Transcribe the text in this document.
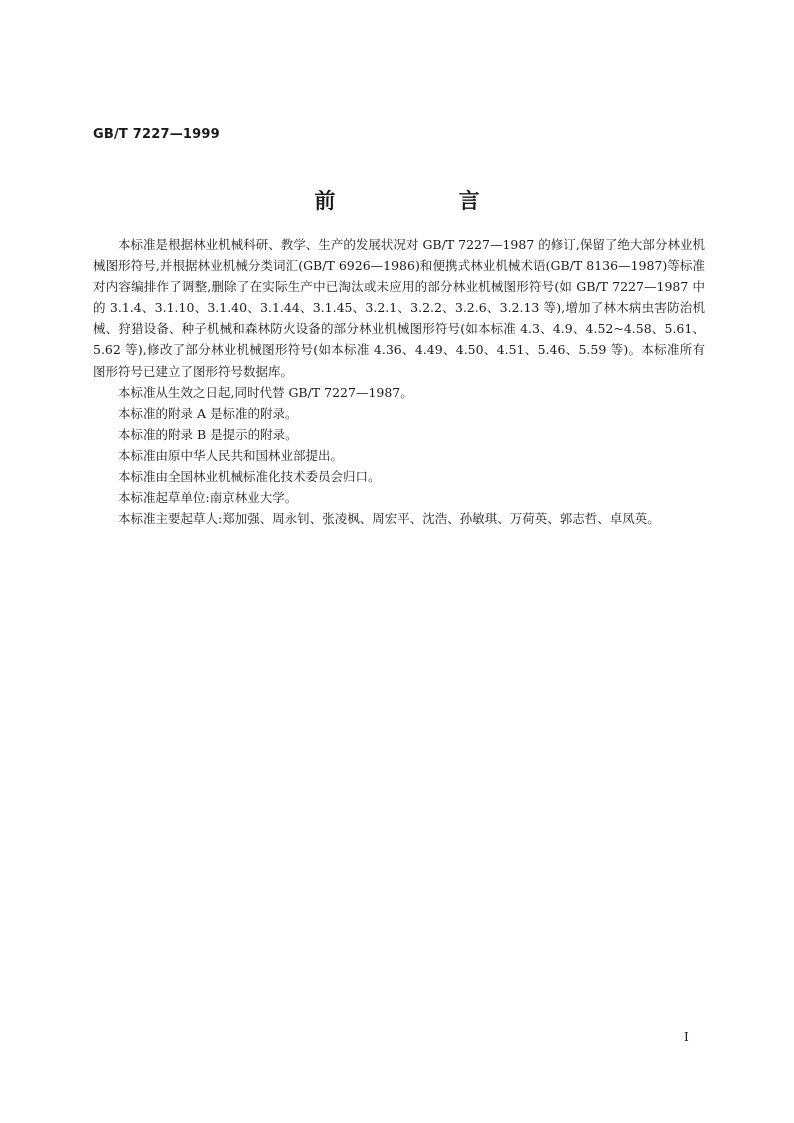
GB/T 7227—1999
前 言

本标准是根据林业机械科研、教学、生产的发展状况对 GB/T 7227—1987 的修订,保留了绝大部分林业机械图形符号,并根据林业机械分类词汇(GB/T 6926—1986)和便携式林业机械术语(GB/T 8136—1987)等标准对内容编排作了调整,删除了在实际生产中已淘汰或未应用的部分林业机械图形符号(如 GB/T 7227—1987 中的 3.1.4、3.1.10、3.1.40、3.1.44、3.1.45、3.2.1、3.2.2、3.2.6、3.2.13 等),增加了林木病虫害防治机械、狩猎设备、种子机械和森林防火设备的部分林业机械图形符号(如本标准 4.3、4.9、4.52~4.58、5.61、5.62 等),修改了部分林业机械图形符号(如本标准 4.36、4.49、4.50、4.51、5.46、5.59 等)。本标准所有图形符号已建立了图形符号数据库。

本标准从生效之日起,同时代替 GB/T 7227—1987。

本标准的附录 A 是标准的附录。

本标准的附录 B 是提示的附录。

本标准由原中华人民共和国林业部提出。

本标准由全国林业机械标准化技术委员会归口。

本标准起草单位:南京林业大学。

本标准主要起草人:郑加强、周永钊、张凌枫、周宏平、沈浩、孙敏琪、万荷英、郭志哲、卓凤英。

I
